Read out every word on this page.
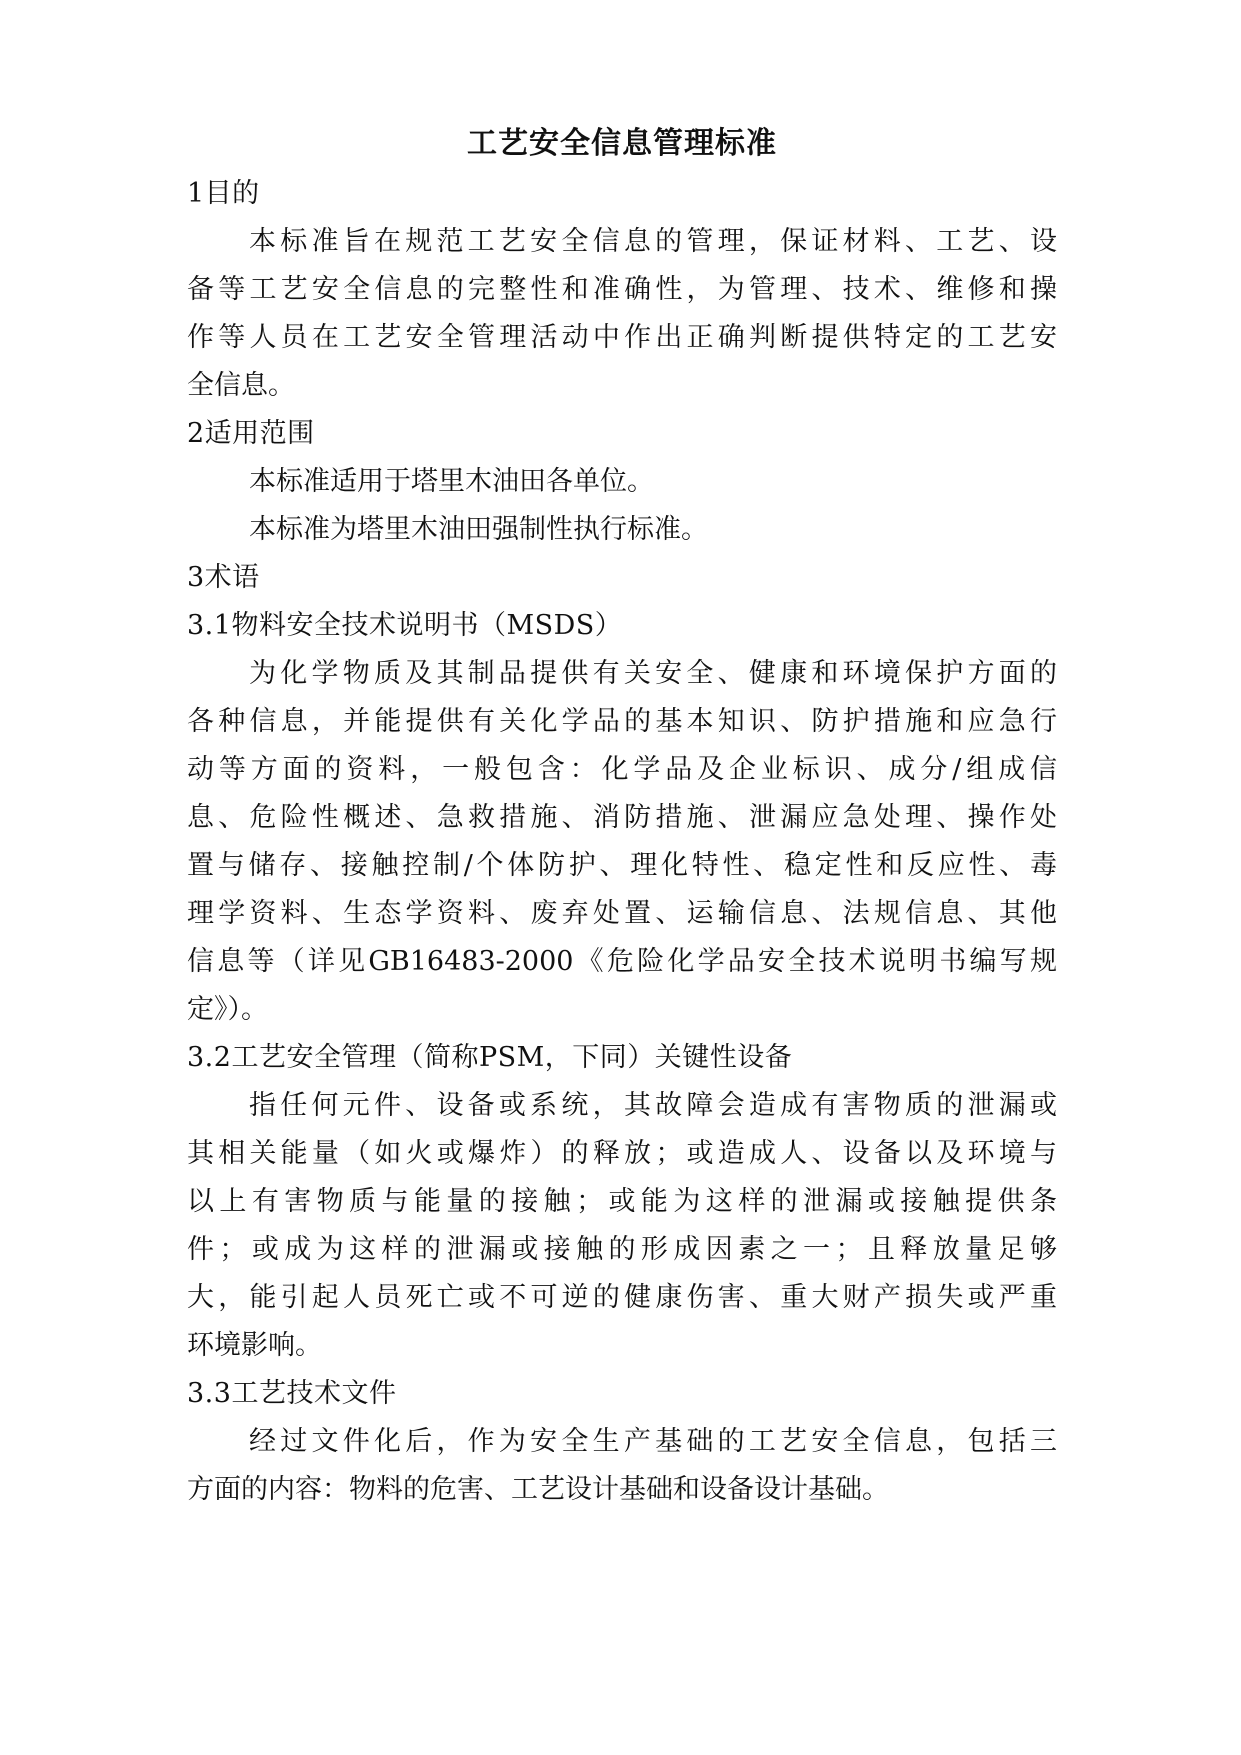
工艺安全信息管理标准
1目的
本标准旨在规范工艺安全信息的管理，保证材料、工艺、设
备等工艺安全信息的完整性和准确性，为管理、技术、维修和操
作等人员在工艺安全管理活动中作出正确判断提供特定的工艺安
全信息。
2适用范围
本标准适用于塔里木油田各单位。
本标准为塔里木油田强制性执行标准。
3术语
3.1物料安全技术说明书（MSDS）
为化学物质及其制品提供有关安全、健康和环境保护方面的
各种信息，并能提供有关化学品的基本知识、防护措施和应急行
动等方面的资料，一般包含：化学品及企业标识、成分/组成信
息、危险性概述、急救措施、消防措施、泄漏应急处理、操作处
置与储存、接触控制/个体防护、理化特性、稳定性和反应性、毒
理学资料、生态学资料、废弃处置、运输信息、法规信息、其他
信息等（详见GB16483-2000《危险化学品安全技术说明书编写规
定》）。
3.2工艺安全管理（简称PSM，下同）关键性设备
指任何元件、设备或系统，其故障会造成有害物质的泄漏或
其相关能量（如火或爆炸）的释放；或造成人、设备以及环境与
以上有害物质与能量的接触；或能为这样的泄漏或接触提供条
件；或成为这样的泄漏或接触的形成因素之一；且释放量足够
大，能引起人员死亡或不可逆的健康伤害、重大财产损失或严重
环境影响。
3.3工艺技术文件
经过文件化后，作为安全生产基础的工艺安全信息，包括三
方面的内容：物料的危害、工艺设计基础和设备设计基础。
